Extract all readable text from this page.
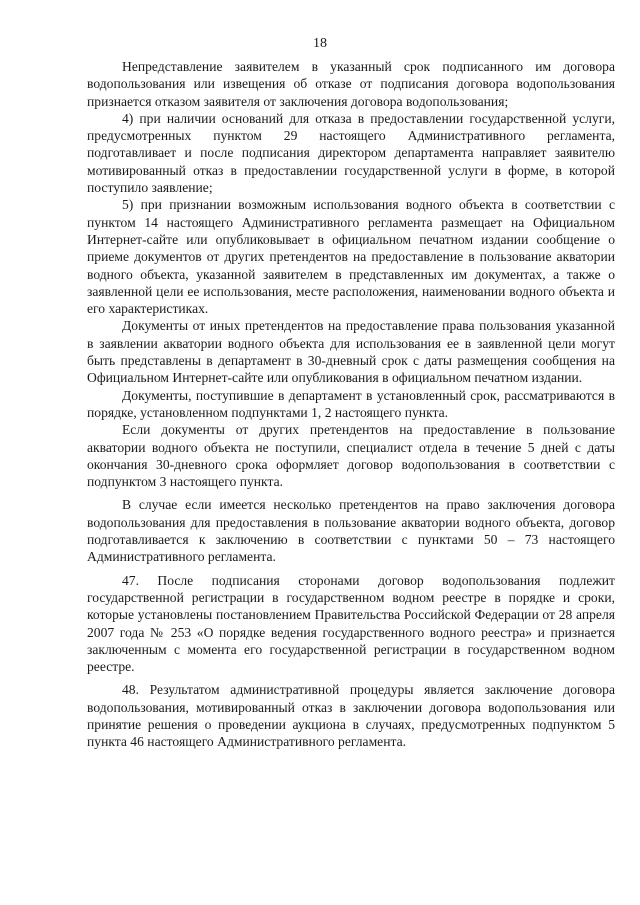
18

Непредставление заявителем в указанный срок подписанного им договора водопользования или извещения об отказе от подписания договора водопользования признается отказом заявителя от заключения договора водопользования;

4) при наличии оснований для отказа в предоставлении государственной услуги, предусмотренных пунктом 29 настоящего Административного регламента, подготавливает и после подписания директором департамента направляет заявителю мотивированный отказ в предоставлении государственной услуги в форме, в которой поступило заявление;

5) при признании возможным использования водного объекта в соответствии с пунктом 14 настоящего Административного регламента размещает на Официальном Интернет-сайте или опубликовывает в официальном печатном издании сообщение о приеме документов от других претендентов на предоставление в пользование акватории водного объекта, указанной заявителем в представленных им документах, а также о заявленной цели ее использования, месте расположения, наименовании водного объекта и его характеристиках.

Документы от иных претендентов на предоставление права пользования указанной в заявлении акватории водного объекта для использования ее в заявленной цели могут быть представлены в департамент в 30-дневный срок с даты размещения сообщения на Официальном Интернет-сайте или опубликования в официальном печатном издании.

Документы, поступившие в департамент в установленный срок, рассматриваются в порядке, установленном подпунктами 1, 2 настоящего пункта.

Если документы от других претендентов на предоставление в пользование акватории водного объекта не поступили, специалист отдела в течение 5 дней с даты окончания 30-дневного срока оформляет договор водопользования в соответствии с подпунктом 3 настоящего пункта.

В случае если имеется несколько претендентов на право заключения договора водопользования для предоставления в пользование акватории водного объекта, договор подготавливается к заключению в соответствии с пунктами 50 – 73 настоящего Административного регламента.

47. После подписания сторонами договор водопользования подлежит государственной регистрации в государственном водном реестре в порядке и сроки, которые установлены постановлением Правительства Российской Федерации от 28 апреля 2007 года № 253 «О порядке ведения государственного водного реестра» и признается заключенным с момента его государственной регистрации в государственном водном реестре.

48. Результатом административной процедуры является заключение договора водопользования, мотивированный отказ в заключении договора водопользования или принятие решения о проведении аукциона в случаях, предусмотренных подпунктом 5 пункта 46 настоящего Административного регламента.
